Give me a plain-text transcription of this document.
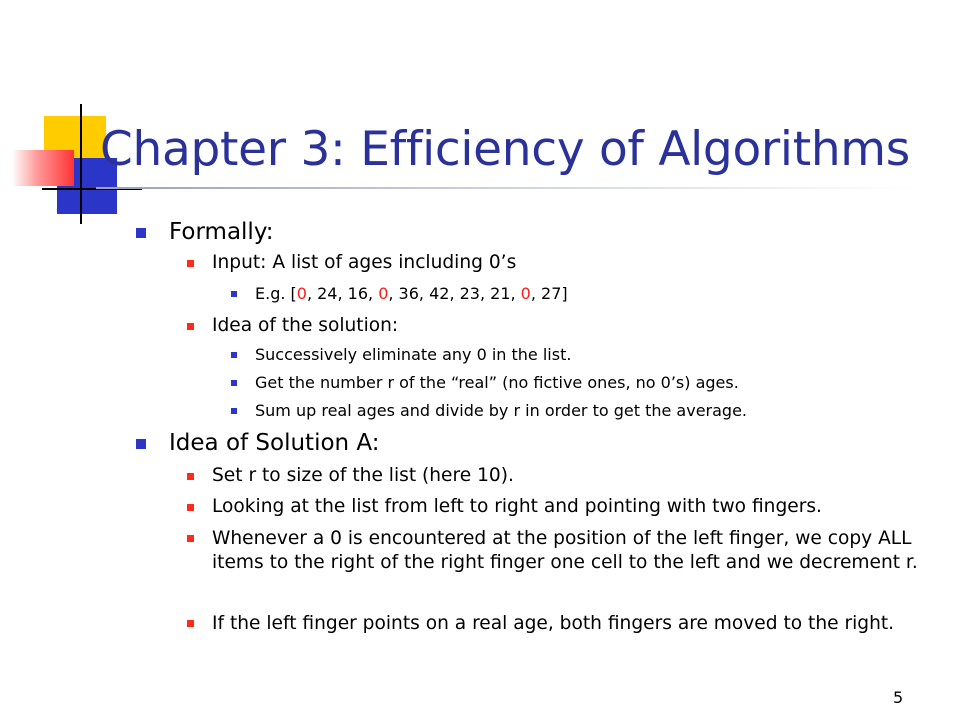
Chapter 3: Efficiency of Algorithms
Formally:
Input: A list of ages including 0’s
E.g. [0, 24, 16, 0, 36, 42, 23, 21, 0, 27]
Idea of the solution:
Successively eliminate any 0 in the list.
Get the number r of the “real” (no fictive ones, no 0’s) ages.
Sum up real ages and divide by r in order to get the average.
Idea of Solution A:
Set r to size of the list (here 10).
Looking at the list from left to right and pointing with two fingers.
Whenever a 0 is encountered at the position of the left finger, we copy ALL items to the right of the right finger one cell to the left and we decrement r.
If the left finger points on a real age, both fingers are moved to the right.
5
